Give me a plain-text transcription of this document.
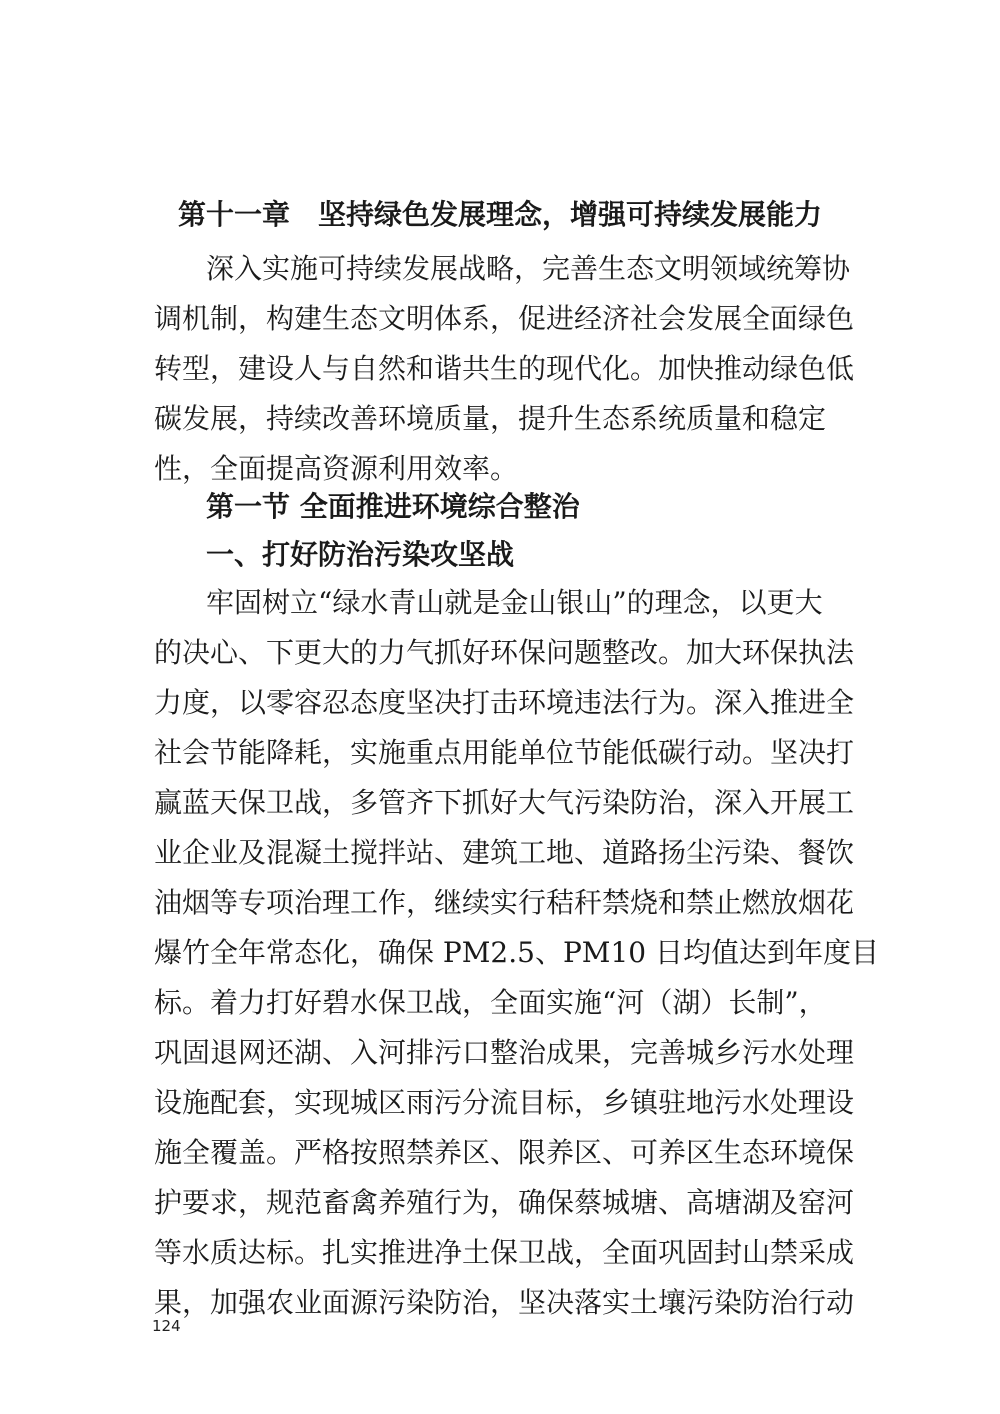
第十一章　坚持绿色发展理念，增强可持续发展能力
深入实施可持续发展战略，完善生态文明领域统筹协
调机制，构建生态文明体系，促进经济社会发展全面绿色
转型，建设人与自然和谐共生的现代化。加快推动绿色低
碳发展，持续改善环境质量，提升生态系统质量和稳定
性，全面提高资源利用效率。
第一节 全面推进环境综合整治
一、打好防治污染攻坚战
牢固树立“绿水青山就是金山银山”的理念，以更大
的决心、下更大的力气抓好环保问题整改。加大环保执法
力度，以零容忍态度坚决打击环境违法行为。深入推进全
社会节能降耗，实施重点用能单位节能低碳行动。坚决打
赢蓝天保卫战，多管齐下抓好大气污染防治，深入开展工
业企业及混凝土搅拌站、建筑工地、道路扬尘污染、餐饮
油烟等专项治理工作，继续实行秸秆禁烧和禁止燃放烟花
爆竹全年常态化，确保 PM2.5、PM10 日均值达到年度目
标。着力打好碧水保卫战，全面实施“河（湖）长制”，
巩固退网还湖、入河排污口整治成果，完善城乡污水处理
设施配套，实现城区雨污分流目标，乡镇驻地污水处理设
施全覆盖。严格按照禁养区、限养区、可养区生态环境保
护要求，规范畜禽养殖行为，确保蔡城塘、高塘湖及窑河
等水质达标。扎实推进净土保卫战，全面巩固封山禁采成
果，加强农业面源污染防治，坚决落实土壤污染防治行动
124
